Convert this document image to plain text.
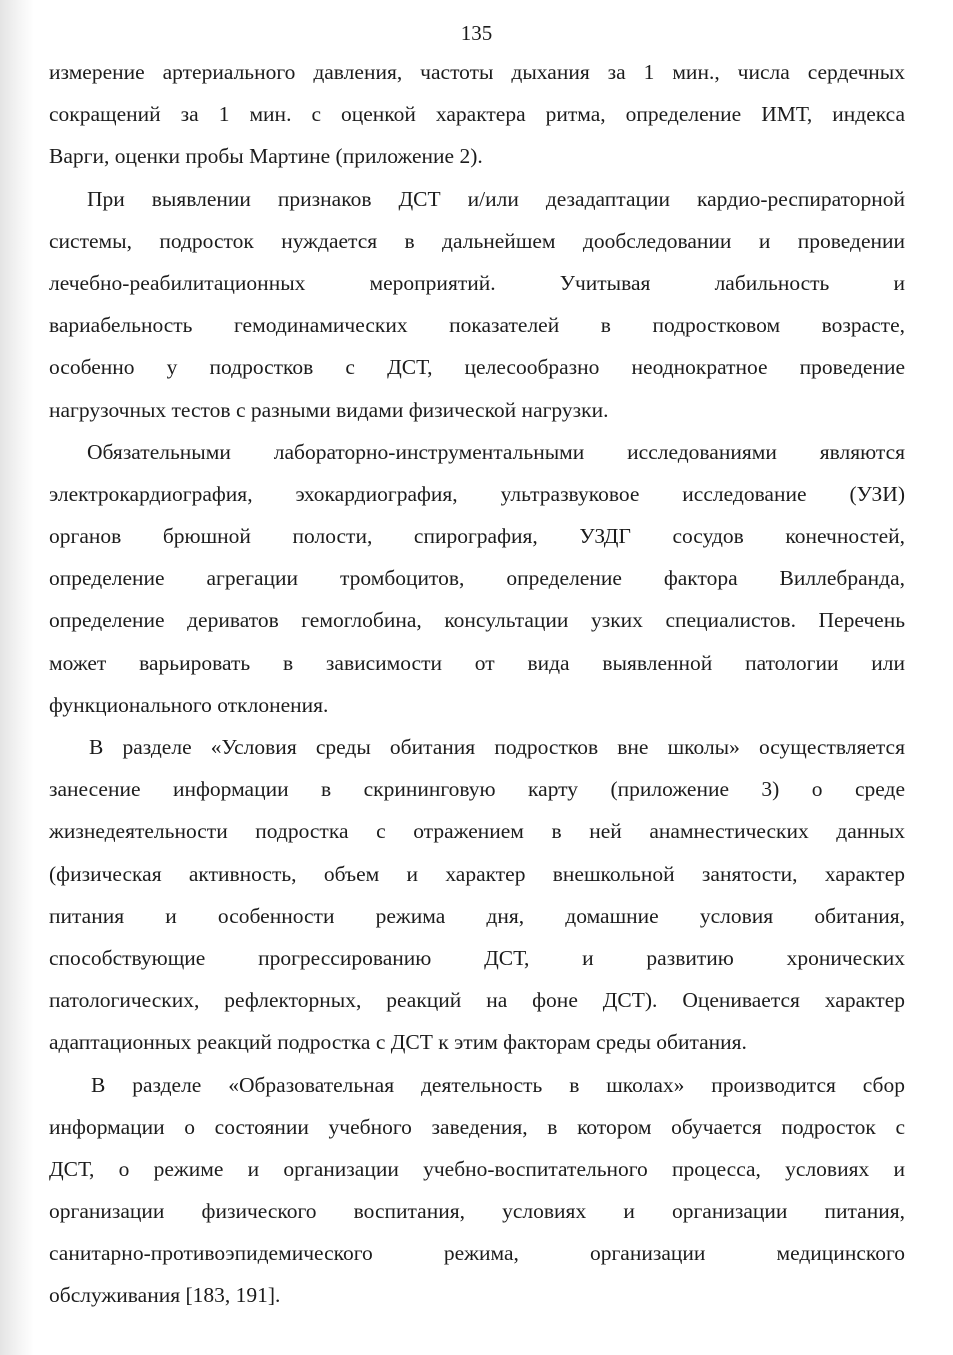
135
измерение артериального давления, частоты дыхания за 1 мин., числа сердечных
сокращений за 1 мин. с оценкой характера ритма, определение ИМТ, индекса
Варги, оценки пробы Мартине (приложение 2).
При выявлении признаков ДСТ и/или дезадаптации кардио-респираторной
системы, подросток нуждается в дальнейшем дообследовании и проведении
лечебно-реабилитационных мероприятий. Учитывая лабильность и
вариабельность гемодинамических показателей в подростковом возрасте,
особенно у подростков с ДСТ, целесообразно неоднократное проведение
нагрузочных тестов с разными видами физической нагрузки.
Обязательными лабораторно-инструментальными исследованиями являются
электрокардиография, эхокардиография, ультразвуковое исследование (УЗИ)
органов брюшной полости, спирография, УЗДГ сосудов конечностей,
определение агрегации тромбоцитов, определение фактора Виллебранда,
определение дериватов гемоглобина, консультации узких специалистов. Перечень
может варьировать в зависимости от вида выявленной патологии или
функционального отклонения.
В разделе «Условия среды обитания подростков вне школы» осуществляется
занесение информации в скрининговую карту (приложение 3) о среде
жизнедеятельности подростка с отражением в ней анамнестических данных
(физическая активность, объем и характер внешкольной занятости, характер
питания и особенности режима дня, домашние условия обитания,
способствующие прогрессированию ДСТ, и развитию хронических
патологических, рефлекторных, реакций на фоне ДСТ). Оценивается характер
адаптационных реакций подростка с ДСТ к этим факторам среды обитания.
В разделе «Образовательная деятельность в школах» производится сбор
информации о состоянии учебного заведения, в котором обучается подросток с
ДСТ, о режиме и организации учебно-воспитательного процесса, условиях и
организации физического воспитания, условиях и организации питания,
санитарно-противоэпидемического режима, организации медицинского
обслуживания [183, 191].
